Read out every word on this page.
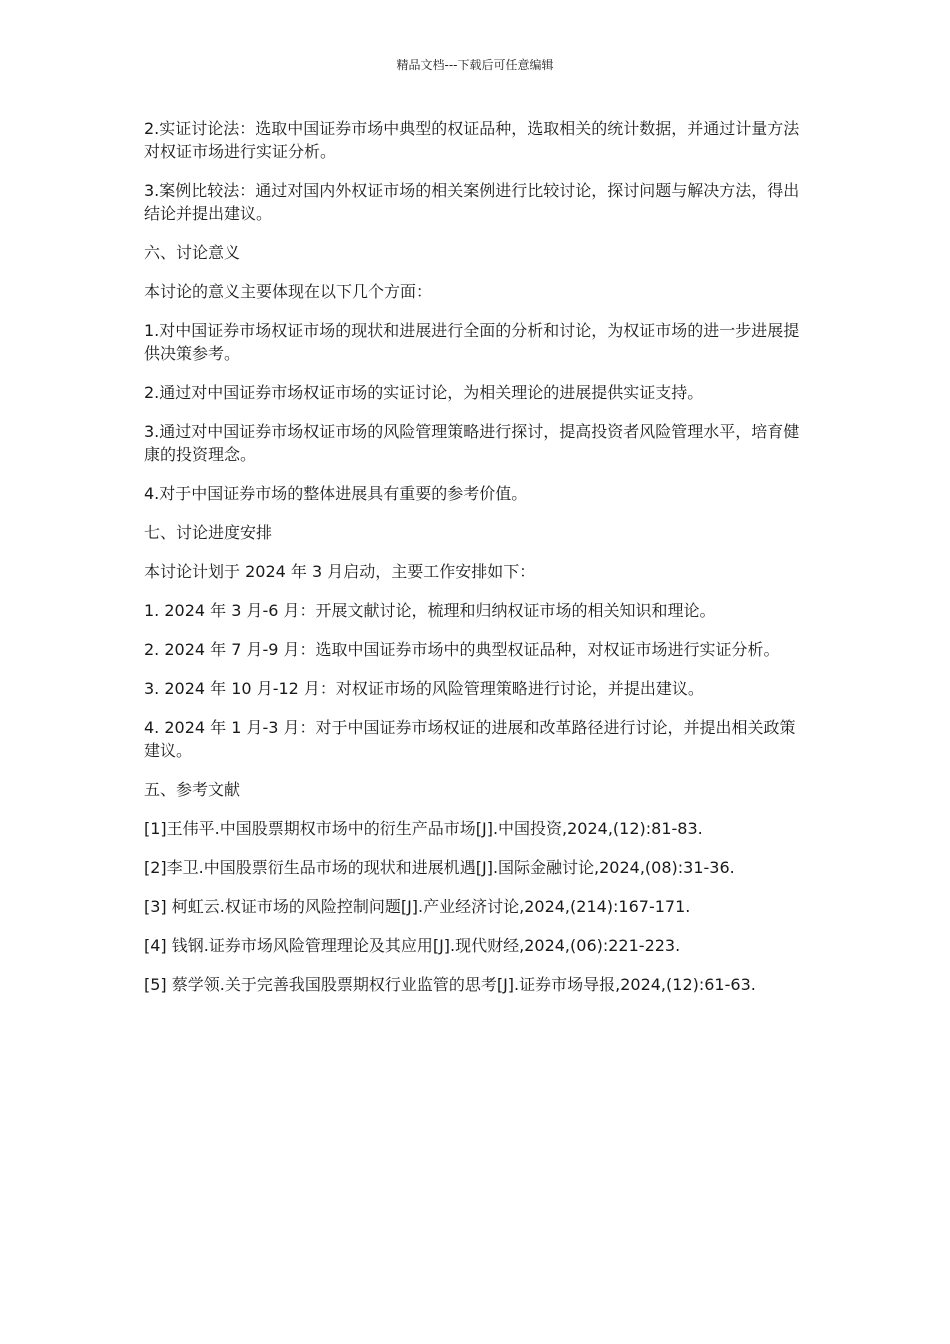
精品文档---下载后可任意编辑

2.实证讨论法：选取中国证券市场中典型的权证品种，选取相关的统计数据，并通过计量方法对权证市场进行实证分析。

3.案例比较法：通过对国内外权证市场的相关案例进行比较讨论，探讨问题与解决方法，得出结论并提出建议。

六、讨论意义

本讨论的意义主要体现在以下几个方面：

1.对中国证券市场权证市场的现状和进展进行全面的分析和讨论，为权证市场的进一步进展提供决策参考。

2.通过对中国证券市场权证市场的实证讨论，为相关理论的进展提供实证支持。

3.通过对中国证券市场权证市场的风险管理策略进行探讨，提高投资者风险管理水平，培育健康的投资理念。

4.对于中国证券市场的整体进展具有重要的参考价值。

七、讨论进度安排

本讨论计划于 2024 年 3 月启动，主要工作安排如下：

1. 2024 年 3 月-6 月：开展文献讨论，梳理和归纳权证市场的相关知识和理论。

2. 2024 年 7 月-9 月：选取中国证券市场中的典型权证品种，对权证市场进行实证分析。

3. 2024 年 10 月-12 月：对权证市场的风险管理策略进行讨论，并提出建议。

4. 2024 年 1 月-3 月：对于中国证券市场权证的进展和改革路径进行讨论，并提出相关政策建议。

五、参考文献

[1]王伟平.中国股票期权市场中的衍生产品市场[J].中国投资,2024,(12):81-83.

[2]李卫.中国股票衍生品市场的现状和进展机遇[J].国际金融讨论,2024,(08):31-36.

[3] 柯虹云.权证市场的风险控制问题[J].产业经济讨论,2024,(214):167-171.

[4] 钱钢.证券市场风险管理理论及其应用[J].现代财经,2024,(06):221-223.

[5] 蔡学领.关于完善我国股票期权行业监管的思考[J].证券市场导报,2024,(12):61-63.
